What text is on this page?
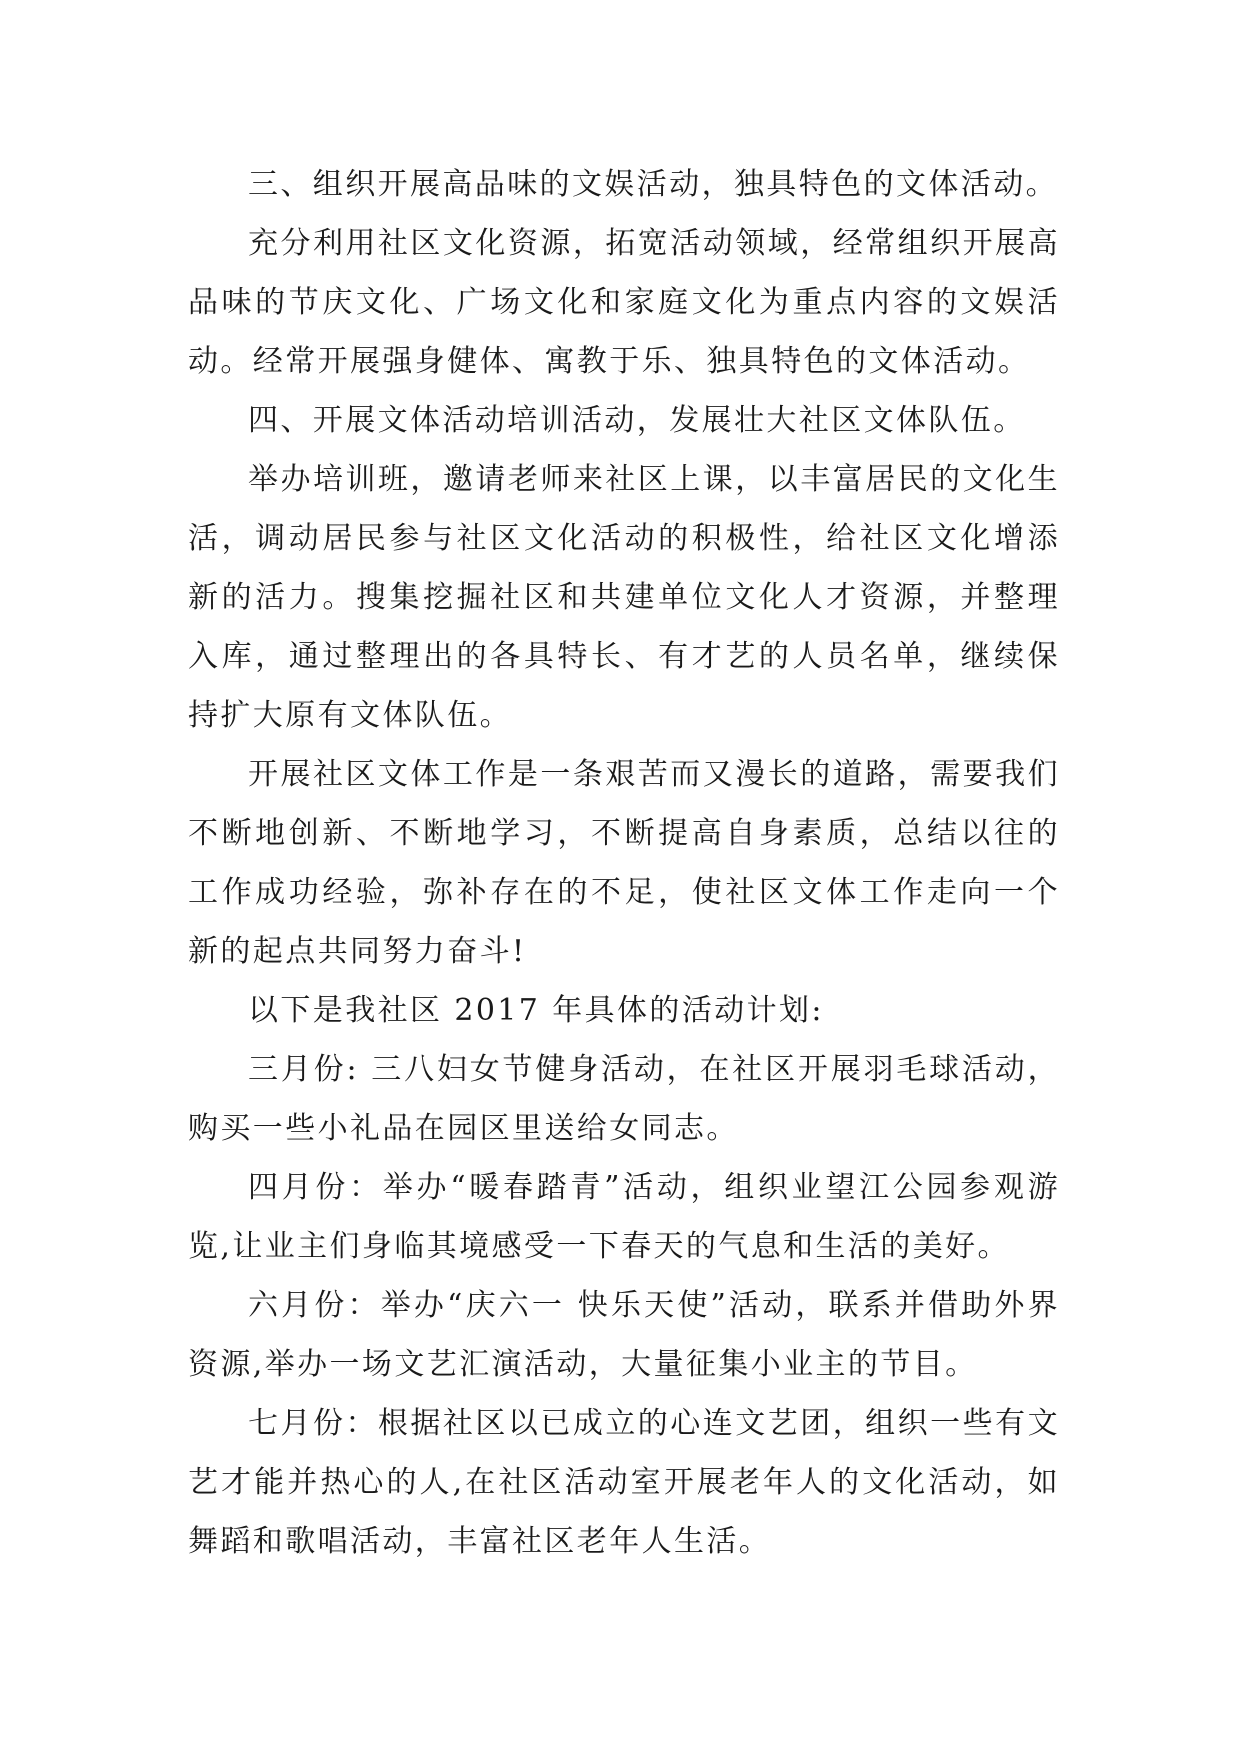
三、组织开展高品味的文娱活动，独具特色的文体活动。

充分利用社区文化资源，拓宽活动领域，经常组织开展高品味的节庆文化、广场文化和家庭文化为重点内容的文娱活动。经常开展强身健体、寓教于乐、独具特色的文体活动。

四、开展文体活动培训活动，发展壮大社区文体队伍。

举办培训班，邀请老师来社区上课，以丰富居民的文化生活，调动居民参与社区文化活动的积极性，给社区文化增添新的活力。搜集挖掘社区和共建单位文化人才资源，并整理入库，通过整理出的各具特长、有才艺的人员名单，继续保持扩大原有文体队伍。

开展社区文体工作是一条艰苦而又漫长的道路，需要我们不断地创新、不断地学习，不断提高自身素质，总结以往的工作成功经验，弥补存在的不足，使社区文体工作走向一个新的起点共同努力奋斗!

以下是我社区 2017 年具体的活动计划:

三月份: 三八妇女节健身活动，在社区开展羽毛球活动，购买一些小礼品在园区里送给女同志。

四月份：举办“暖春踏青”活动，组织业望江公园参观游览,让业主们身临其境感受一下春天的气息和生活的美好。

六月份：举办“庆六一 快乐天使”活动，联系并借助外界资源,举办一场文艺汇演活动，大量征集小业主的节目。

七月份：根据社区以已成立的心连文艺团，组织一些有文艺才能并热心的人,在社区活动室开展老年人的文化活动，如舞蹈和歌唱活动，丰富社区老年人生活。
